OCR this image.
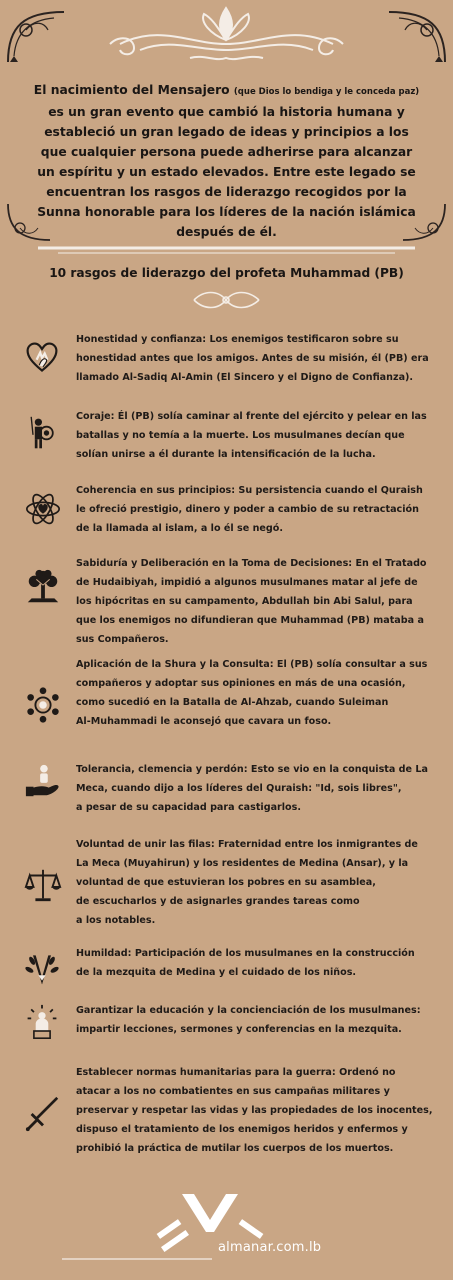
El nacimiento del Mensajero (que Dios lo bendiga y le conceda paz) es un gran evento que cambió la historia humana y estableció un gran legado de ideas y principios a los que cualquier persona puede adherirse para alcanzar un espíritu y un estado elevados. Entre este legado se encuentran los rasgos de liderazgo recogidos por la Sunna honorable para los líderes de la nación islámica después de él.
10 rasgos de liderazgo del profeta Muhammad (PB)
Honestidad y confianza: Los enemigos testificaron sobre su
honestidad antes que los amigos. Antes de su misión, él (PB) era
llamado Al-Sadiq Al-Amin (El Sincero y el Digno de Confianza).
Coraje: Él (PB) solía caminar al frente del ejército y pelear en las
batallas y no temía a la muerte. Los musulmanes decían que
solían unirse a él durante la intensificación de la lucha.
Coherencia en sus principios: Su persistencia cuando el Quraish
le ofreció prestigio, dinero y poder a cambio de su retractación
de la llamada al islam, a lo él se negó.
Sabiduría y Deliberación en la Toma de Decisiones: En el Tratado
de Hudaibiyah, impidió a algunos musulmanes matar al jefe de
los hipócritas en su campamento, Abdullah bin Abi Salul, para
que los enemigos no difundieran que Muhammad (PB) mataba a
sus Compañeros.
Aplicación de la Shura y la Consulta: El (PB) solía consultar a sus
compañeros y adoptar sus opiniones en más de una ocasión,
como sucedió en la Batalla de Al-Ahzab, cuando Suleiman
Al-Muhammadi le aconsejó que cavara un foso.
Tolerancia, clemencia y perdón: Esto se vio en la conquista de La
Meca, cuando dijo a los líderes del Quraish: "Id, sois libres",
a pesar de su capacidad para castigarlos.
Voluntad de unir las filas: Fraternidad entre los inmigrantes de
La Meca (Muyahirun) y los residentes de Medina (Ansar), y la
voluntad de que estuvieran los pobres en su asamblea,
de escucharlos y de asignarles grandes tareas como
a los notables.
Humildad: Participación de los musulmanes en la construcción
de la mezquita de Medina y el cuidado de los niños.
Garantizar la educación y la concienciación de los musulmanes:
impartir lecciones, sermones y conferencias en la mezquita.
Establecer normas humanitarias para la guerra: Ordenó no
atacar a los no combatientes en sus campañas militares y
preservar y respetar las vidas y las propiedades de los inocentes,
dispuso el tratamiento de los enemigos heridos y enfermos y
prohibió la práctica de mutilar los cuerpos de los muertos.
almanar.com.lb
